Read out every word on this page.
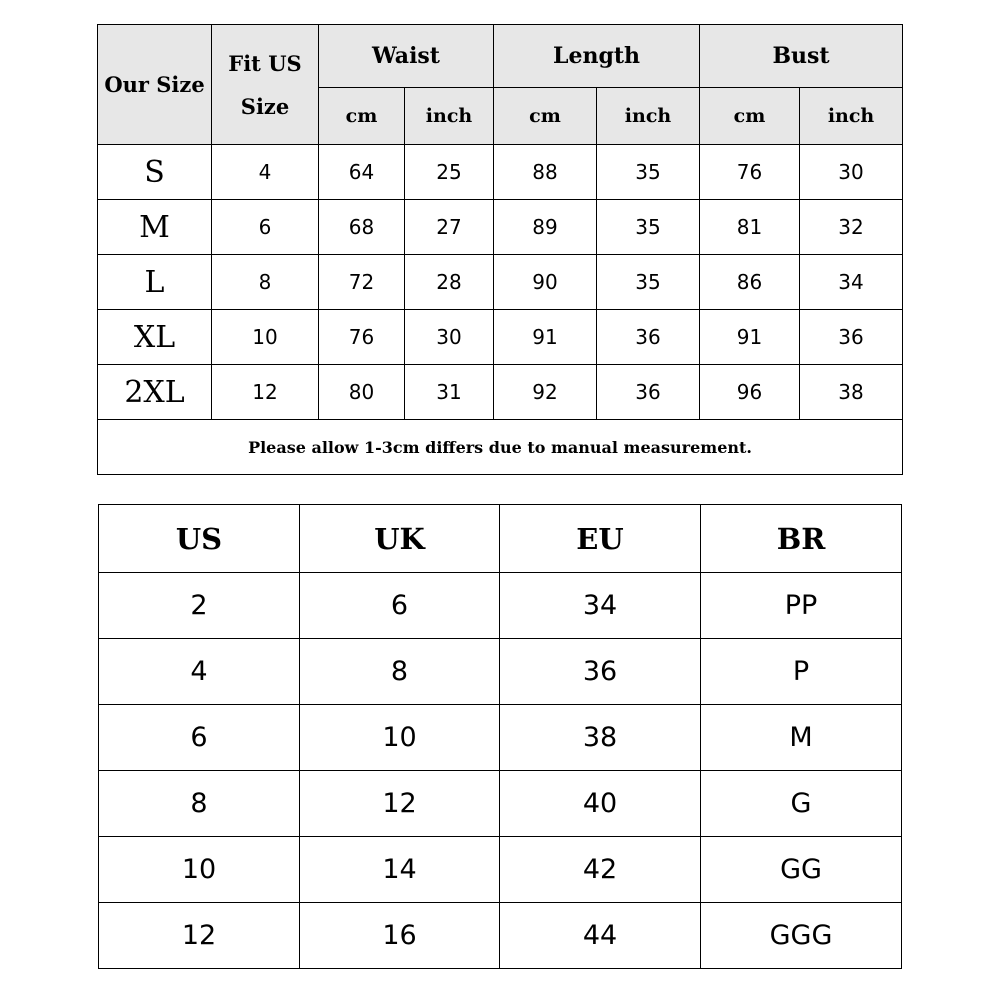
Our Size	Fit US Size	Waist		Length		Bust	
		cm	inch	cm	inch	cm	inch
S	4	64	25	88	35	76	30
M	6	68	27	89	35	81	32
L	8	72	28	90	35	86	34
XL	10	76	30	91	36	91	36
2XL	12	80	31	92	36	96	38
Please allow 1-3cm differs due to manual measurement.							
US	UK	EU	BR
2	6	34	PP
4	8	36	P
6	10	38	M
8	12	40	G
10	14	42	GG
12	16	44	GGG
